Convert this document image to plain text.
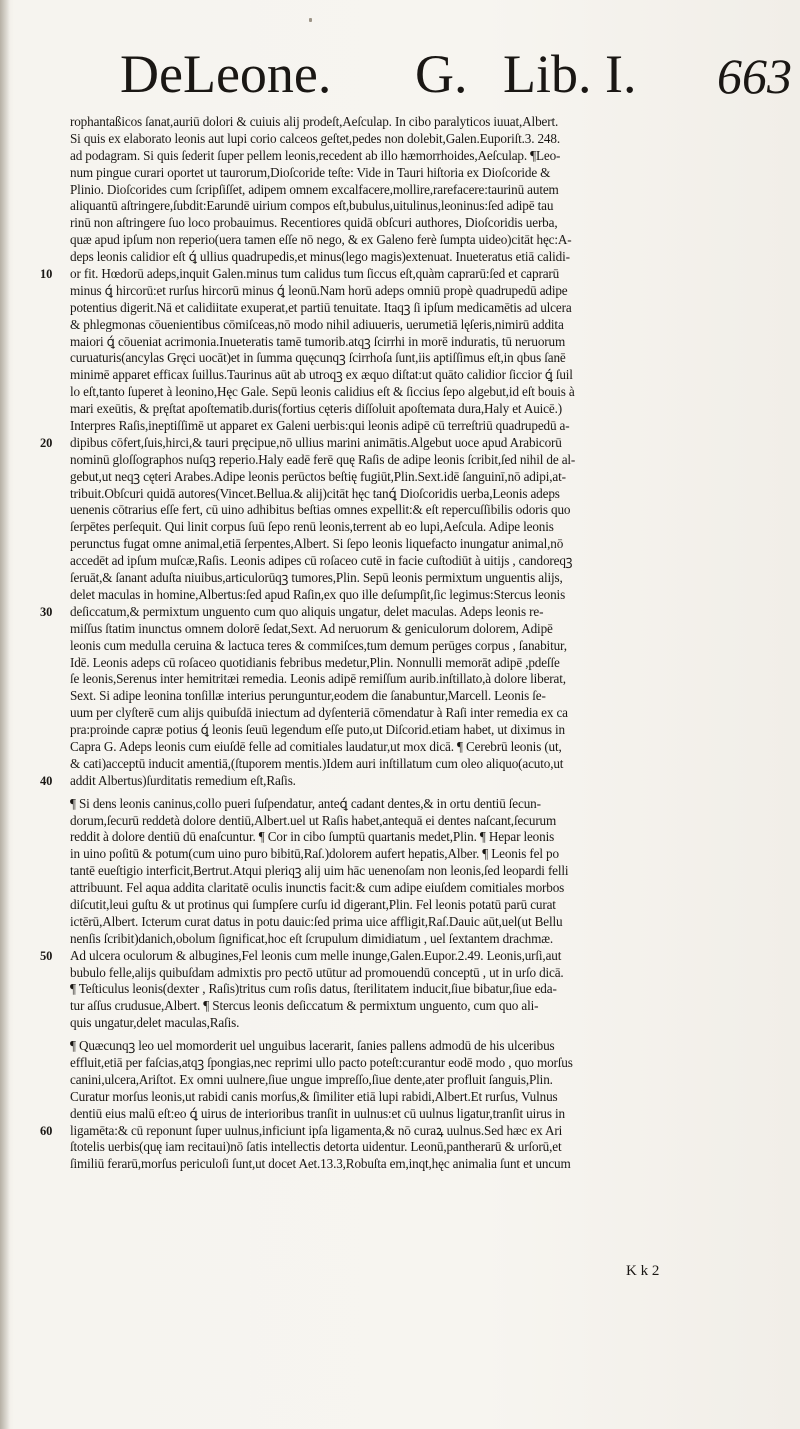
DeLeone. G. Lib. I. 663
rophantaßicos ſanat,auriū dolori & cuiuis alij prodeſt,Aeſculap. In cibo paralyticos iuuat,Albert.
Si quis ex elaborato leonis aut lupi corio calceos geſtet,pedes non dolebit,Galen.Euporiſt.3. 248.
ad podagram. Si quis ſederit ſuper pellem leonis,recedent ab illo hæmorrhoides,Aeſculap. ¶Leo-
num pingue curari oportet ut taurorum,Dioſcoride teſte: Vide in Tauri hiſtoria ex Dioſcoride &
Plinio. Dioſcorides cum ſcripſiſſet, adipem omnem excalfacere,mollire,rarefacere:taurinū autem
aliquantū aſtringere,ſubdit:Earundē uirium compos eſt,bubulus,uitulinus,leoninus:ſed adipē tau
rinū non aſtringere ſuo loco probauimus. Recentiores quidā obſcuri authores, Dioſcoridis uerba,
quæ apud ipſum non reperio(uera tamen eſſe nō nego, & ex Galeno ferè ſumpta uideo)citāt hęc:A-
deps leonis calidior eſt ꝗ́ ullius quadrupedis,et minus(lego magis)extenuat. Inueteratus etiā calidi-
10	or fit. Hœdorū adeps,inquit Galen.minus tum calidus tum ſiccus eſt,quàm caprarū:ſed et caprarū
minus ꝗ́ hircorū:et rurſus hircorū minus ꝗ́ leonū.Nam horū adeps omniū propè quadrupedū adipe
potentius digerit.Nā et calidiitate exuperat,et partiū tenuitate. Itaqꝫ ſi ipſum medicamētis ad ulcera
& phlegmonas cōuenientibus cōmiſceas,nō modo nihil adiuueris, uerumetiā lęſeris,nimirū addita
maiori ꝗ́ cōueniat acrimonia.Inueteratis tamē tumorib.atqꝫ ſcirrhi in morē induratis, tū neruorum
curuaturis(ancylas Gręci uocāt)et in ſumma quęcunqꝫ ſcirrhoſa ſunt,iis aptiſſimus eſt,in qbus ſanē
minimē apparet efficax ſuillus.Taurinus aūt ab utroqꝫ ex æquo diſtat:ut quāto calidior ſiccior ꝗ́ ſuil
lo eſt,tanto ſuperet à leonino,Hęc Gale. Sepū leonis calidius eſt & ſiccius ſepo algebut,id eſt bouis à
mari exeūtis, & pręſtat apoſtematib.duris(fortius cęteris diſſoluit apoſtemata dura,Haly et Auicē.)
Interpres Raſis,ineptiſſimē ut apparet ex Galeni uerbis:qui leonis adipē cū terreſtriū quadrupedū a-
20	dipibus cōfert,ſuis,hirci,& tauri pręcipue,nō ullius marini animātis.Algebut uoce apud Arabicorū
nominū gloſſographos nuſqꝫ reperio.Haly eadē ferē quę Raſis de adipe leonis ſcribit,ſed nihil de al-
gebut,ut neqꝫ cęteri Arabes.Adipe leonis perūctos beſtię fugiūt,Plin.Sext.idē ſanguinī,nō adipi,at-
tribuit.Obſcuri quidā autores(Vincet.Bellua.& alij)citāt hęc tanꝗ́ Dioſcoridis uerba,Leonis adeps
uenenis cōtrarius eſſe fert, cū uino adhibitus beſtias omnes expellit:& eſt repercuſſibilis odoris quo
ſerpētes perſequit. Qui linit corpus ſuū ſepo renū leonis,terrent ab eo lupi,Aeſcula. Adipe leonis
perunctus fugat omne animal,etiā ſerpentes,Albert. Si ſepo leonis liquefacto inungatur animal,nō
accedēt ad ipſum muſcæ,Raſis. Leonis adipes cū roſaceo cutē in facie cuſtodiūt à uitijs , candoreqꝫ
ſeruāt,& ſanant aduſta niuibus,articulorūqꝫ tumores,Plin. Sepū leonis permixtum unguentis alijs,
delet maculas in homine,Albertus:ſed apud Raſin,ex quo ille deſumpſit,ſic legimus:Stercus leonis
30	deſiccatum,& permixtum unguento cum quo aliquis ungatur, delet maculas. Adeps leonis re-
miſſus ſtatim inunctus omnem dolorē ſedat,Sext. Ad neruorum & geniculorum dolorem, Adipē
leonis cum medulla ceruina & lactuca teres & commiſces,tum demum perūges corpus , ſanabitur,
Idē. Leonis adeps cū roſaceo quotidianis febribus medetur,Plin. Nonnulli memorāt adipē ,pdeſſe
ſe leonis,Serenus inter hemitritæi remedia. Leonis adipē remiſſum aurib.inſtillato,à dolore liberat,
Sext. Si adipe leonina tonſillæ interius perunguntur,eodem die ſanabuntur,Marcell. Leonis ſe-
uum per clyſterē cum alijs quibuſdā iniectum ad dyſenteriā cōmendatur à Raſi inter remedia ex ca
pra:proinde capræ potius ꝗ́ leonis ſeuū legendum eſſe puto,ut Diſcorid.etiam habet, ut diximus in
Capra G. Adeps leonis cum eiuſdē felle ad comitiales laudatur,ut mox dicā. ¶ Cerebrū leonis (ut,
& cati)acceptū inducit amentiā,(ſtuporem mentis.)Idem auri inſtillatum cum oleo aliquo(acuto,ut
40	addit Albertus)ſurditatis remedium eſt,Raſis.
¶ Si dens leonis caninus,collo pueri ſuſpendatur, anteꝗ́ cadant dentes,& in ortu dentiū ſecun-
dorum,ſecurū reddetà dolore dentiū,Albert.uel ut Raſis habet,antequā ei dentes naſcant,ſecurum
reddit à dolore dentiū dū enaſcuntur. ¶ Cor in cibo ſumptū quartanis medet,Plin. ¶ Hepar leonis
in uino poſitū & potum(cum uino puro bibitū,Raſ.)dolorem aufert hepatis,Alber. ¶ Leonis fel po
tantē eueſtigio interficit,Bertrut.Atqui pleriqꝫ alij uim hāc uenenoſam non leonis,ſed leopardi felli
attribuunt. Fel aqua addita claritatē oculis inunctis facit:& cum adipe eiuſdem comitiales morbos
diſcutit,leui guſtu & ut protinus qui ſumpſere curſu id digerant,Plin. Fel leonis potatū parū curat
ictērū,Albert. Icterum curat datus in potu dauic:ſed prima uice affligit,Raſ.Dauic aūt,uel(ut Bellu
nenſis ſcribit)danich,obolum ſignificat,hoc eſt ſcrupulum dimidiatum , uel ſextantem drachmæ.
50	Ad ulcera oculorum & albugines,Fel leonis cum melle inunge,Galen.Eupor.2.49. Leonis,urſi,aut
bubulo felle,alijs quibuſdam admixtis pro pectō utūtur ad promouendū conceptū , ut in urſo dicā.
¶ Teſticulus leonis(dexter , Raſis)tritus cum roſis datus, ſterilitatem inducit,ſiue bibatur,ſiue eda-
tur aſſus crudusue,Albert. ¶ Stercus leonis deſiccatum & permixtum unguento, cum quo ali-
quis ungatur,delet maculas,Raſis.
¶ Quæcunqꝫ leo uel momorderit uel unguibus lacerarit, ſanies pallens admodū de his ulceribus
effluit,etiā per faſcias,atqꝫ ſpongias,nec reprimi ullo pacto poteſt:curantur eodē modo , quo morſus
canini,ulcera,Ariſtot. Ex omni uulnere,ſiue ungue impreſſo,ſiue dente,ater profluit ſanguis,Plin.
Curatur morſus leonis,ut rabidi canis morſus,& ſimiliter etiā lupi rabidi,Albert.Et rurſus, Vulnus
dentiū eius malū eſt:eo ꝗ́ uirus de interioribus tranſit in uulnus:et cū uulnus ligatur,tranſit uirus in
60	ligamēta:& cū reponunt ſuper uulnus,inficiunt ipſa ligamenta,& nō curaꝝ uulnus.Sed hæc ex Ari
ſtotelis uerbis(quę iam recitaui)nō ſatis intellectis detorta uidentur. Leonū,pantherarū & urſorū,et
ſimiliū ferarū,morſus periculoſi ſunt,ut docet Aet.13.3,Robuſta em,inqt,hęc animalia ſunt et uncum
K k 2
